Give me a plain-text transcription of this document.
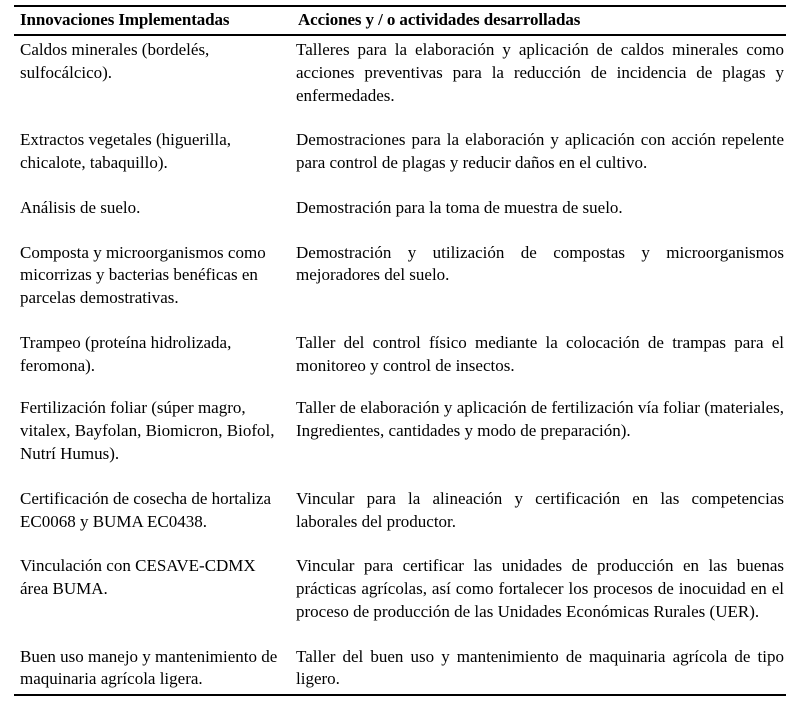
Innovaciones Implementadas	Acciones y / o actividades desarrolladas
Caldos minerales (bordelés, sulfocálcico).	Talleres para la elaboración y aplicación de caldos minerales como acciones preventivas para la reducción de incidencia de plagas y enfermedades.
Extractos vegetales (higuerilla, chicalote, tabaquillo).	Demostraciones para la elaboración y aplicación con acción repelente para control de plagas y reducir daños en el cultivo.
Análisis de suelo.	Demostración para la toma de muestra de suelo.
Composta y microorganismos como micorrizas y bacterias benéficas en parcelas demostrativas.	Demostración y utilización de compostas y microorganismos mejoradores del suelo.
Trampeo (proteína hidrolizada, feromona).	Taller del control físico mediante la colocación de trampas para el monitoreo y control de insectos.
Fertilización foliar (súper magro, vitalex, Bayfolan, Biomicron, Biofol, Nutrí Humus).	Taller de elaboración y aplicación de fertilización vía foliar (materiales, Ingredientes, cantidades y modo de preparación).
Certificación de cosecha de hortaliza EC0068 y BUMA EC0438.	Vincular para la alineación y certificación en las competencias laborales del productor.
Vinculación con CESAVE-CDMX área BUMA.	Vincular para certificar las unidades de producción en las buenas prácticas agrícolas, así como fortalecer los procesos de inocuidad en el proceso de producción de las Unidades Económicas Rurales (UER).
Buen uso manejo y mantenimiento de maquinaria agrícola ligera.	Taller del buen uso y mantenimiento de maquinaria agrícola de tipo ligero.
